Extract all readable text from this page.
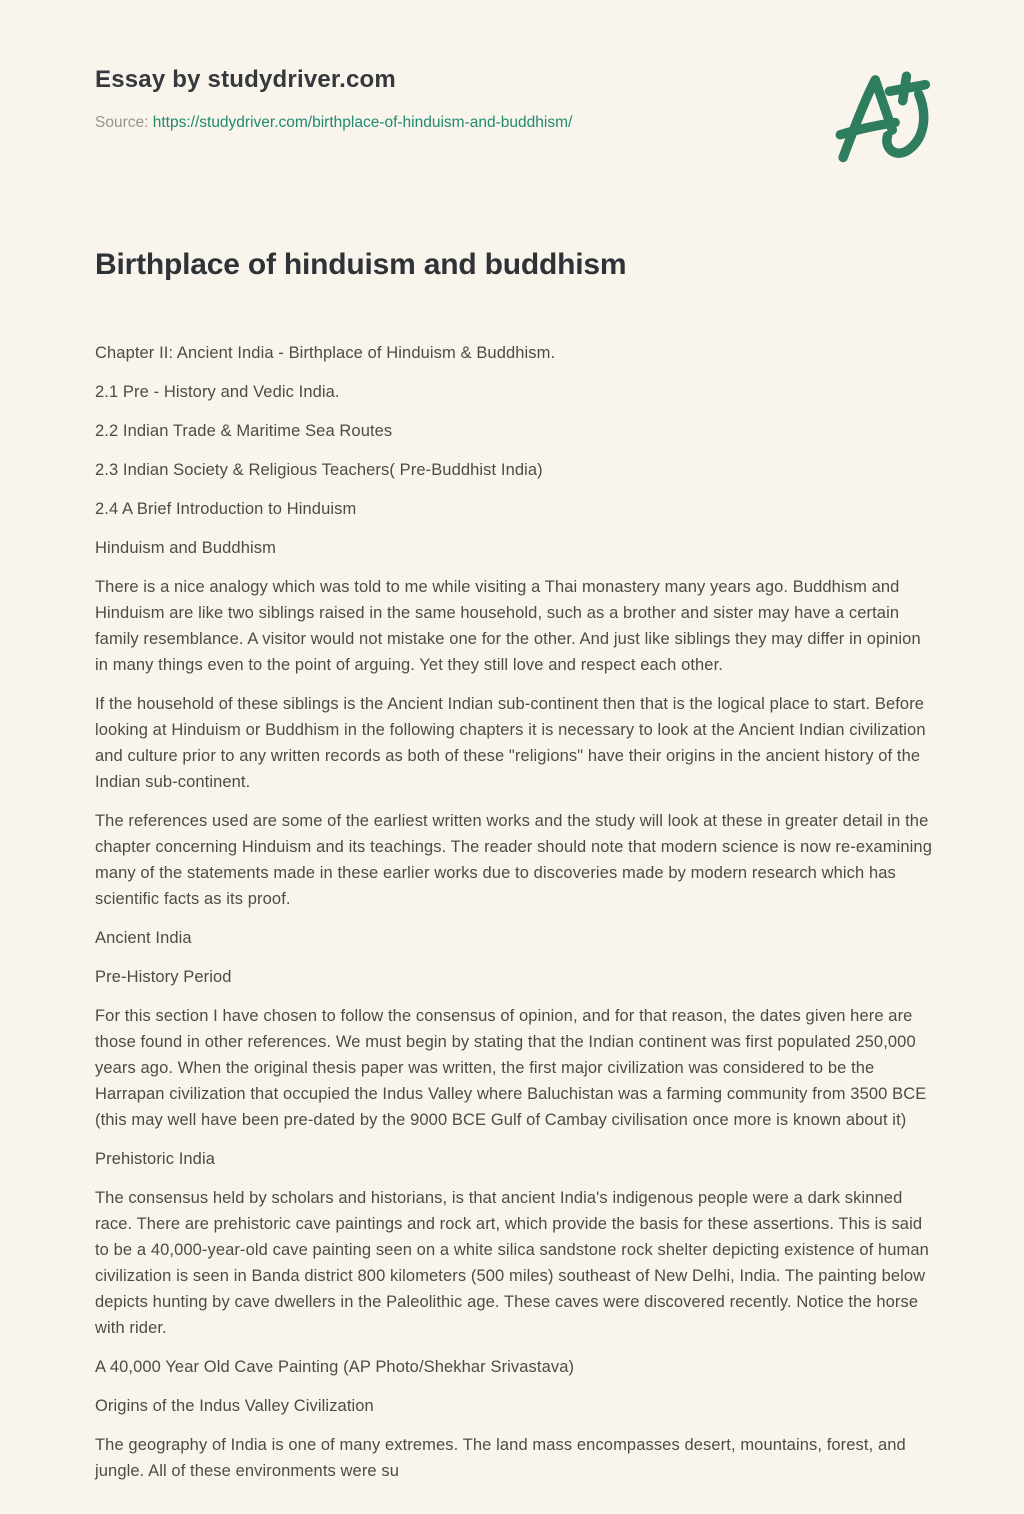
Essay by studydriver.com

Source: https://studydriver.com/birthplace-of-hinduism-and-buddhism/

Birthplace of hinduism and buddhism

Chapter II: Ancient India - Birthplace of Hinduism & Buddhism.

2.1 Pre - History and Vedic India.

2.2 Indian Trade & Maritime Sea Routes

2.3 Indian Society & Religious Teachers( Pre-Buddhist India)

2.4 A Brief Introduction to Hinduism

Hinduism and Buddhism

There is a nice analogy which was told to me while visiting a Thai monastery many years ago. Buddhism and Hinduism are like two siblings raised in the same household, such as a brother and sister may have a certain family resemblance. A visitor would not mistake one for the other. And just like siblings they may differ in opinion in many things even to the point of arguing. Yet they still love and respect each other.

If the household of these siblings is the Ancient Indian sub-continent then that is the logical place to start. Before looking at Hinduism or Buddhism in the following chapters it is necessary to look at the Ancient Indian civilization and culture prior to any written records as both of these "religions" have their origins in the ancient history of the Indian sub-continent.

The references used are some of the earliest written works and the study will look at these in greater detail in the chapter concerning Hinduism and its teachings. The reader should note that modern science is now re-examining many of the statements made in these earlier works due to discoveries made by modern research which has scientific facts as its proof.

Ancient India

Pre-History Period

For this section I have chosen to follow the consensus of opinion, and for that reason, the dates given here are those found in other references. We must begin by stating that the Indian continent was first populated 250,000 years ago. When the original thesis paper was written, the first major civilization was considered to be the Harrapan civilization that occupied the Indus Valley where Baluchistan was a farming community from 3500 BCE (this may well have been pre-dated by the 9000 BCE Gulf of Cambay civilisation once more is known about it)

Prehistoric India

The consensus held by scholars and historians, is that ancient India's indigenous people were a dark skinned race. There are prehistoric cave paintings and rock art, which provide the basis for these assertions. This is said to be a 40,000-year-old cave painting seen on a white silica sandstone rock shelter depicting existence of human civilization is seen in Banda district 800 kilometers (500 miles) southeast of New Delhi, India. The painting below depicts hunting by cave dwellers in the Paleolithic age. These caves were discovered recently. Notice the horse with rider.

A 40,000 Year Old Cave Painting (AP Photo/Shekhar Srivastava)

Origins of the Indus Valley Civilization

The geography of India is one of many extremes. The land mass encompasses desert, mountains, forest, and jungle. All of these environments were su
